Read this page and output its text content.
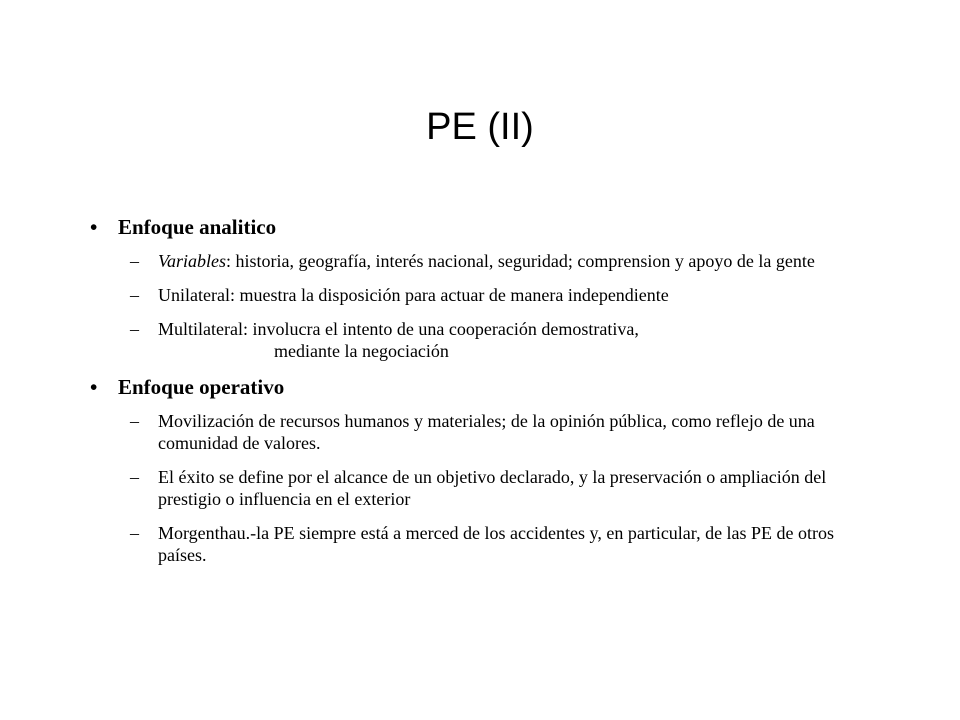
PE (II)
• Enfoque analitico
– Variables: historia, geografía, interés nacional, seguridad; comprension y apoyo de la gente
– Unilateral: muestra la disposición para actuar de manera independiente
– Multilateral: involucra el intento de una cooperación demostrativa,
mediante la negociación
• Enfoque operativo
– Movilización de recursos humanos y materiales; de la opinión pública, como reflejo de una comunidad de valores.
– El éxito se define por el alcance de un objetivo declarado, y la preservación o ampliación del prestigio o influencia en el exterior
– Morgenthau.-la PE siempre está a merced de los accidentes y, en particular, de las PE de otros países.
